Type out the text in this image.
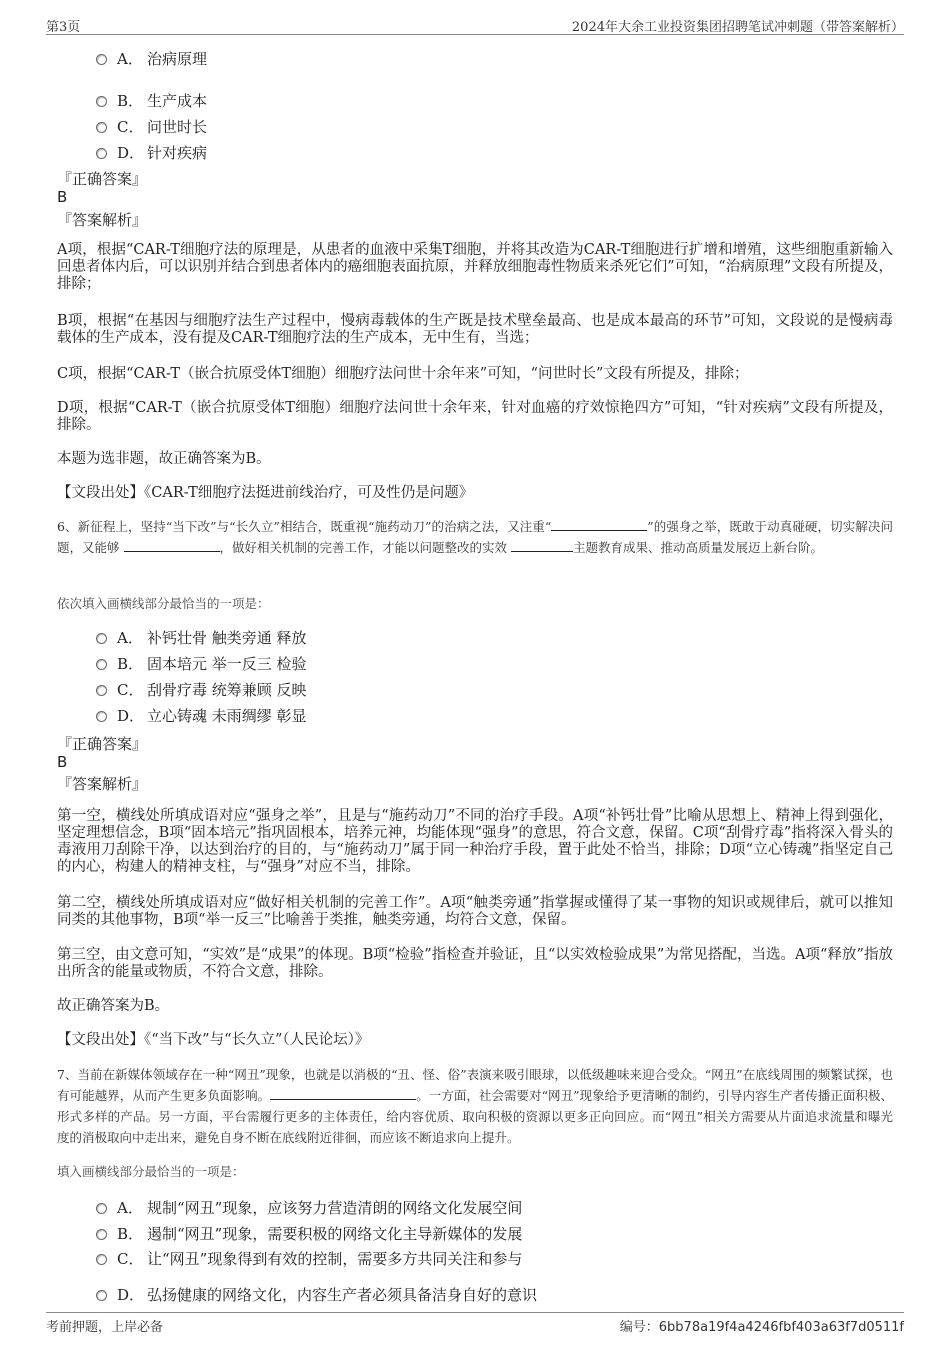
第3页	2024年大余工业投资集团招聘笔试冲刺题（带答案解析）
A． 治病原理
B． 生产成本
C． 问世时长
D． 针对疾病
『正确答案』
B
『答案解析』
A项，根据“CAR-T细胞疗法的原理是，从患者的血液中采集T细胞，并将其改造为CAR-T细胞进行扩增和增殖，这些细胞重新输入回患者体内后，可以识别并结合到患者体内的癌细胞表面抗原，并释放细胞毒性物质来杀死它们”可知，“治病原理”文段有所提及，排除；
B项，根据“在基因与细胞疗法生产过程中，慢病毒载体的生产既是技术壁垒最高、也是成本最高的环节”可知，文段说的是慢病毒载体的生产成本，没有提及CAR-T细胞疗法的生产成本，无中生有，当选；
C项，根据“CAR-T（嵌合抗原受体T细胞）细胞疗法问世十余年来”可知，“问世时长”文段有所提及，排除；
D项，根据“CAR-T（嵌合抗原受体T细胞）细胞疗法问世十余年来，针对血癌的疗效惊艳四方”可知，“针对疾病”文段有所提及，排除。
本题为选非题，故正确答案为B。
【文段出处】《CAR-T细胞疗法挺进前线治疗，可及性仍是问题》
6、新征程上，坚持“当下改”与“长久立”相结合，既重视“施药动刀”的治病之法，又注重“	”的强身之举，既敢于动真碰硬，切实解决问题，又能够	，做好相关机制的完善工作，才能以问题整改的实效	主题教育成果、推动高质量发展迈上新台阶。
依次填入画横线部分最恰当的一项是：
A． 补钙壮骨 触类旁通 释放
B． 固本培元 举一反三 检验
C． 刮骨疗毒 统筹兼顾 反映
D． 立心铸魂 未雨绸缪 彰显
『正确答案』
B
『答案解析』
第一空，横线处所填成语对应“强身之举”，且是与“施药动刀”不同的治疗手段。A项“补钙壮骨”比喻从思想上、精神上得到强化，坚定理想信念，B项“固本培元”指巩固根本，培养元神，均能体现“强身”的意思，符合文意，保留。C项“刮骨疗毒”指将深入骨头的毒液用刀刮除干净，以达到治疗的目的，与“施药动刀”属于同一种治疗手段，置于此处不恰当，排除；D项“立心铸魂”指坚定自己的内心，构建人的精神支柱，与“强身”对应不当，排除。
第二空，横线处所填成语对应“做好相关机制的完善工作”。A项“触类旁通”指掌握或懂得了某一事物的知识或规律后，就可以推知同类的其他事物，B项“举一反三”比喻善于类推，触类旁通，均符合文意，保留。
第三空，由文意可知，“实效”是“成果”的体现。B项“检验”指检查并验证，且“以实效检验成果”为常见搭配，当选。A项“释放”指放出所含的能量或物质，不符合文意，排除。
故正确答案为B。
【文段出处】《“当下改”与“长久立”（人民论坛）》
7、当前在新媒体领域存在一种“网丑”现象，也就是以消极的“丑、怪、俗”表演来吸引眼球，以低级趣味来迎合受众。“网丑”在底线周围的频繁试探，也有可能越界，从而产生更多负面影响。	。一方面，社会需要对“网丑”现象给予更清晰的制约，引导内容生产者传播正面积极、形式多样的产品。另一方面，平台需履行更多的主体责任，给内容优质、取向积极的资源以更多正向回应。而“网丑”相关方需要从片面追求流量和曝光度的消极取向中走出来，避免自身不断在底线附近徘徊，而应该不断追求向上提升。
填入画横线部分最恰当的一项是：
A． 规制“网丑”现象，应该努力营造清朗的网络文化发展空间
B． 遏制“网丑”现象，需要积极的网络文化主导新媒体的发展
C． 让“网丑”现象得到有效的控制，需要多方共同关注和参与
D． 弘扬健康的网络文化，内容生产者必须具备洁身自好的意识
考前押题，上岸必备	编号：6bb78a19f4a4246fbf403a63f7d0511f
